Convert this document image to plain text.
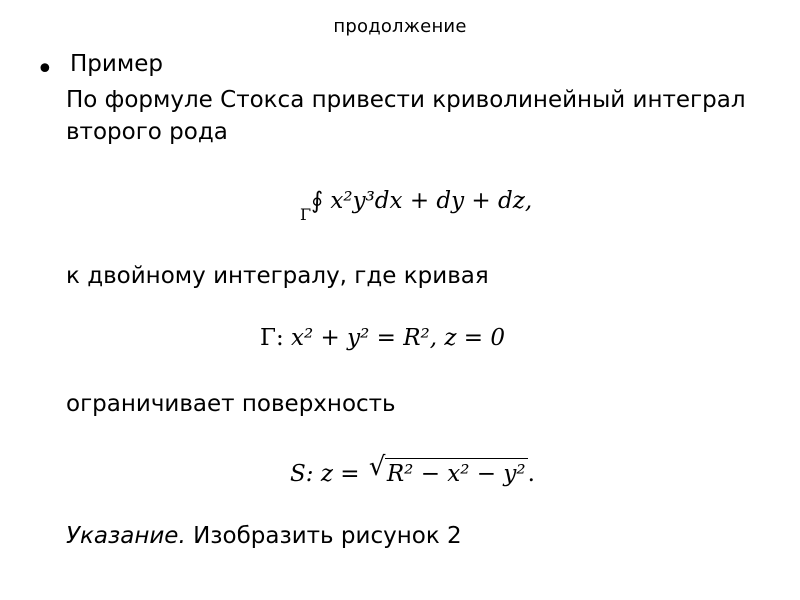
продолжение
• Пример
По формуле Стокса привести криволинейный интеграл
второго рода
$_\Gamma$∮ x²y³dx + dy + dz,
к двойному интегралу, где кривая
Γ: x² + y² = R², z = 0
ограничивает поверхность
S: z = √ R² − x² − y².
Указание. Изобразить рисунок 2
